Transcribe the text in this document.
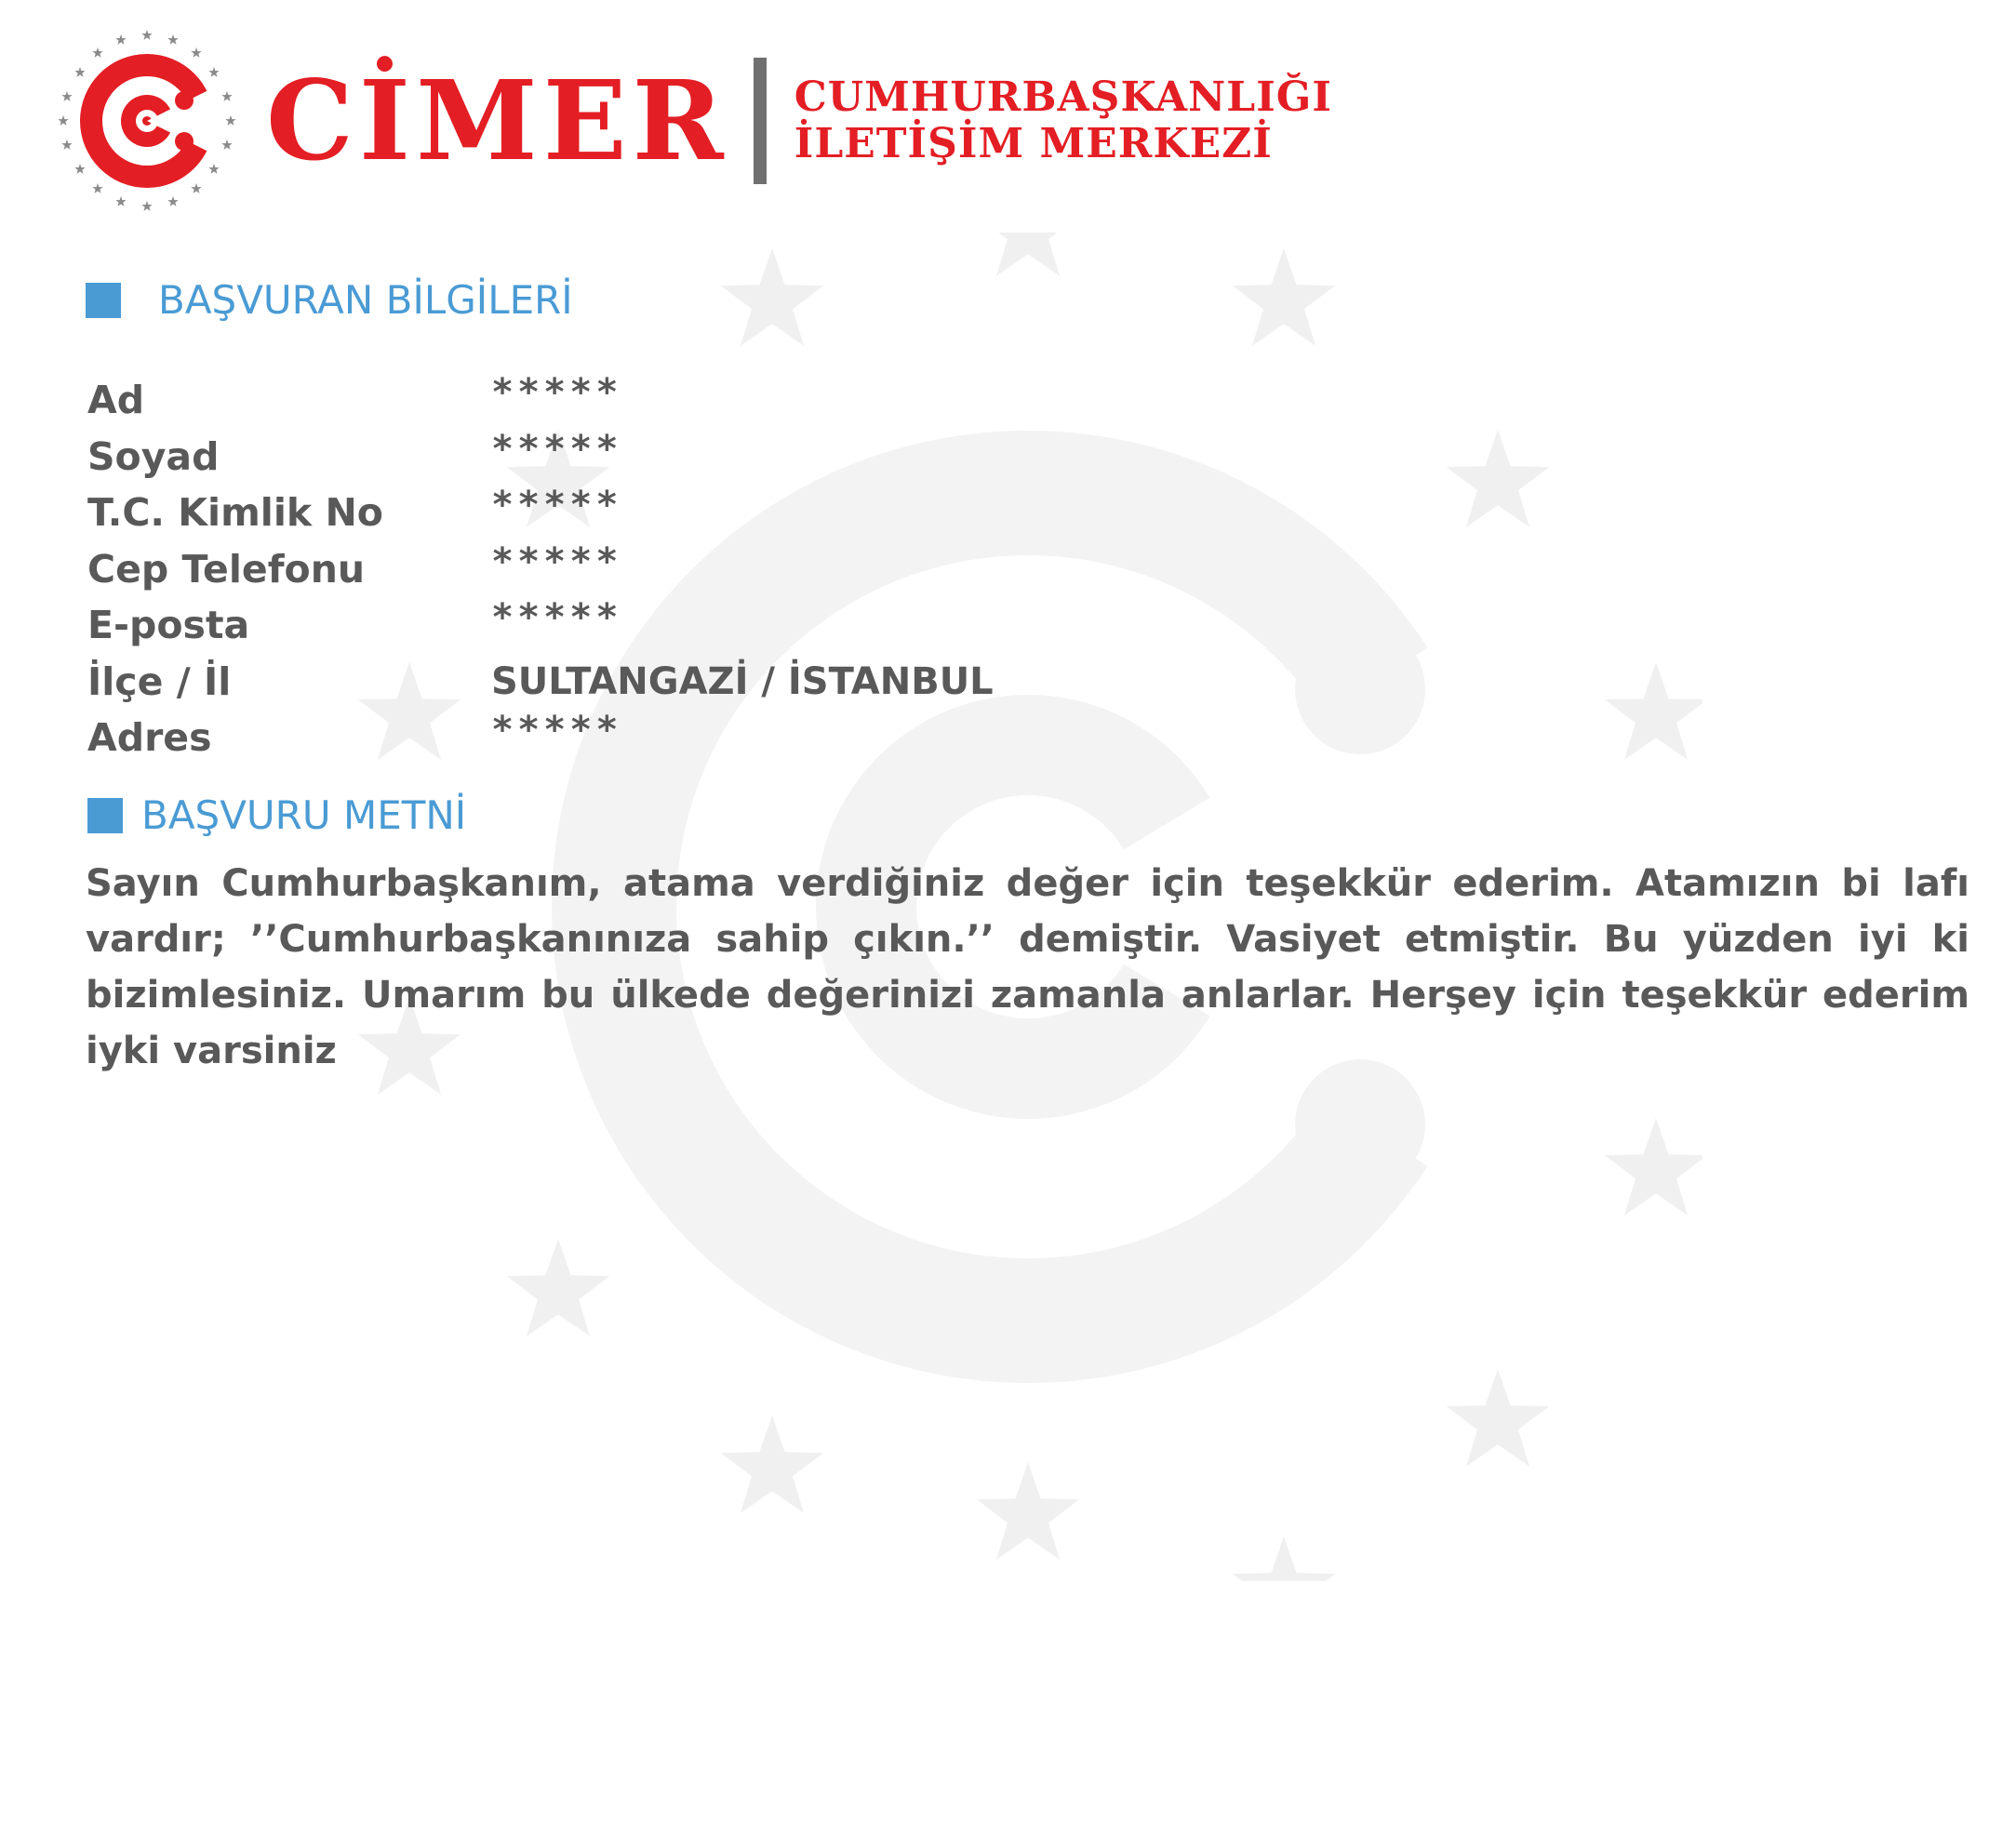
CİMER CUMHURBAŞKANLIĞI
İLETİŞİM MERKEZİ
BAŞVURAN BİLGİLERİ
Ad	*****
Soyad	*****
T.C. Kimlik No	*****
Cep Telefonu	*****
E-posta	*****
İlçe / İl	SULTANGAZİ / İSTANBUL
Adres	*****
BAŞVURU METNİ
Sayın Cumhurbaşkanım, atama verdiğiniz değer için teşekkür ederim. Atamızın bi lafı vardır; ’’Cumhurbaşkanınıza sahip çıkın.’’ demiştir. Vasiyet etmiştir. Bu yüzden iyi ki bizimlesiniz. Umarım bu ülkede değerinizi zamanla anlarlar. Herşey için teşekkür ederim iyki varsiniz
